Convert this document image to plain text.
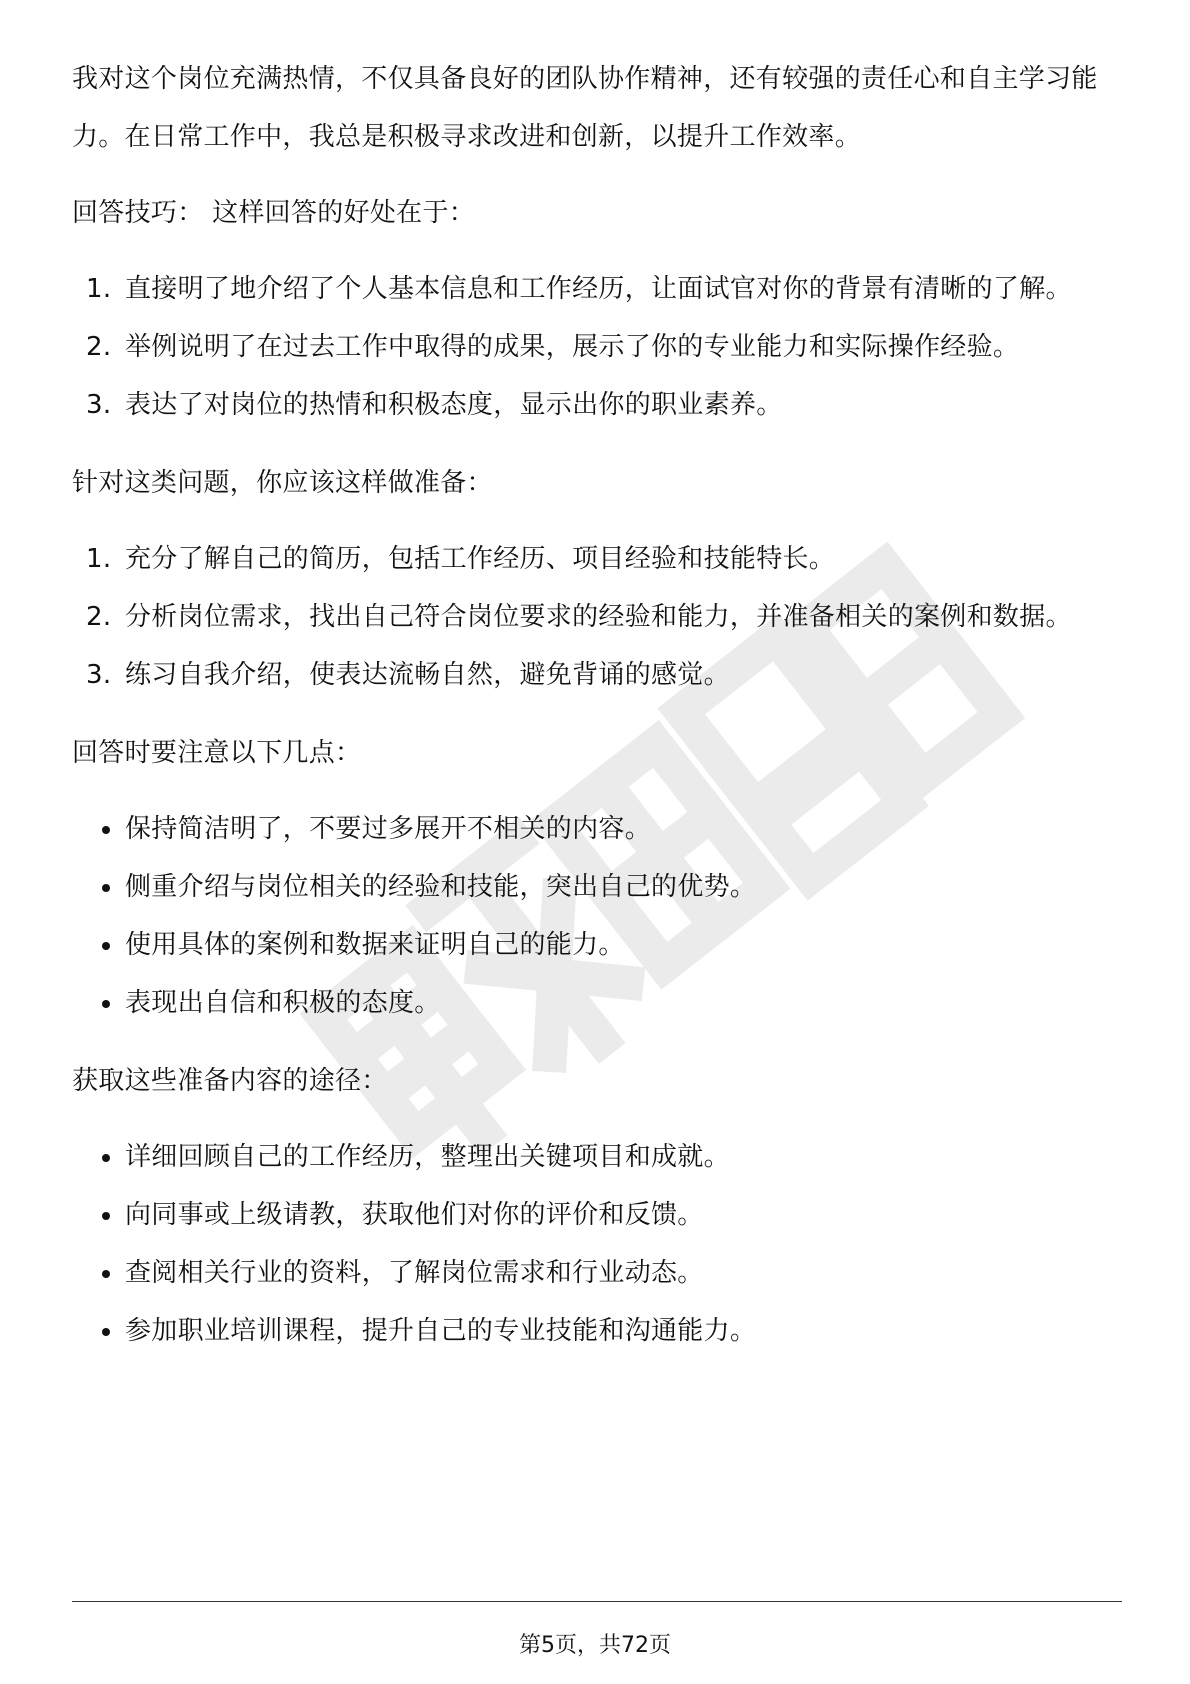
我对这个岗位充满热情，不仅具备良好的团队协作精神，还有较强的责任心和自主学习能力。在日常工作中，我总是积极寻求改进和创新，以提升工作效率。

回答技巧： 这样回答的好处在于：

1. 直接明了地介绍了个人基本信息和工作经历，让面试官对你的背景有清晰的了解。
2. 举例说明了在过去工作中取得的成果，展示了你的专业能力和实际操作经验。
3. 表达了对岗位的热情和积极态度，显示出你的职业素养。

针对这类问题，你应该这样做准备：

1. 充分了解自己的简历，包括工作经历、项目经验和技能特长。
2. 分析岗位需求，找出自己符合岗位要求的经验和能力，并准备相关的案例和数据。
3. 练习自我介绍，使表达流畅自然，避免背诵的感觉。

回答时要注意以下几点：

保持简洁明了，不要过多展开不相关的内容。
侧重介绍与岗位相关的经验和技能，突出自己的优势。
使用具体的案例和数据来证明自己的能力。
表现出自信和积极的态度。

获取这些准备内容的途径：

详细回顾自己的工作经历，整理出关键项目和成就。
向同事或上级请教，获取他们对你的评价和反馈。
查阅相关行业的资料，了解岗位需求和行业动态。
参加职业培训课程，提升自己的专业技能和沟通能力。
第5页，共72页
